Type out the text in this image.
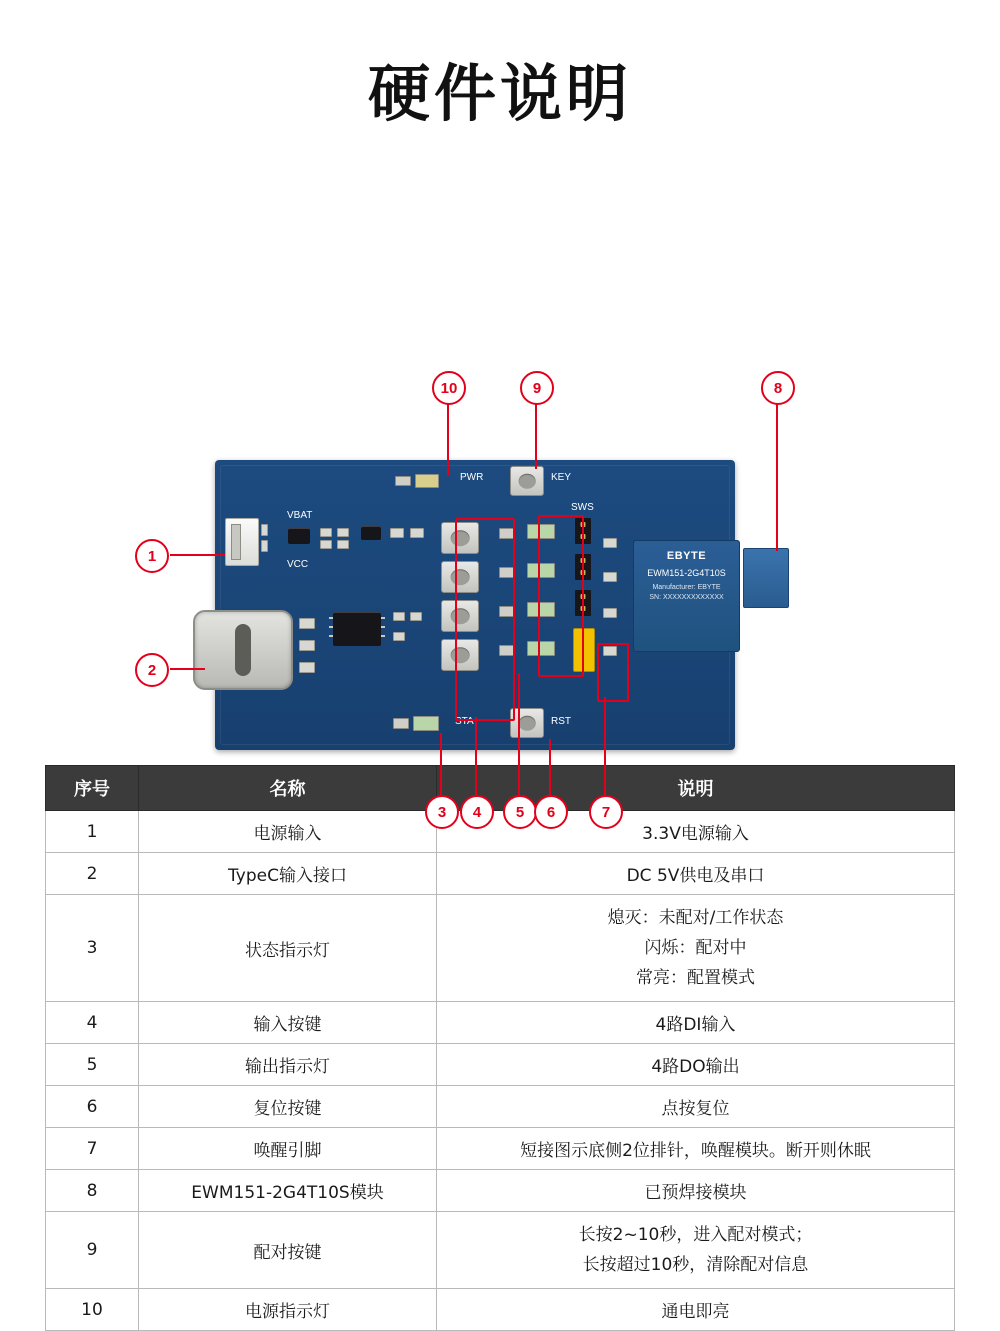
硬件说明
PWR	KEY
VBAT
VCC
SWS
EBYTE
EWM151-2G4T10S
Manufacturer: EBYTE
SN: XXXXXXXXXXXXX
STA	RST
10	9	8
1
2
3	4	5	6	7
序号	名称	说明
1	电源输入	3.3V电源输入

2	TypeC输入接口	DC 5V供电及串口

3	状态指示灯	熄灭：未配对/工作状态
闪烁：配对中
常亮：配置模式

4	输入按键	4路DI输入

5	输出指示灯	4路DO输出

6	复位按键	点按复位

7	唤醒引脚	短接图示底侧2位排针，唤醒模块。断开则休眠

8	EWM151-2G4T10S模块	已预焊接模块

9	配对按键	长按2~10秒，进入配对模式；
长按超过10秒，清除配对信息

10	电源指示灯	通电即亮
